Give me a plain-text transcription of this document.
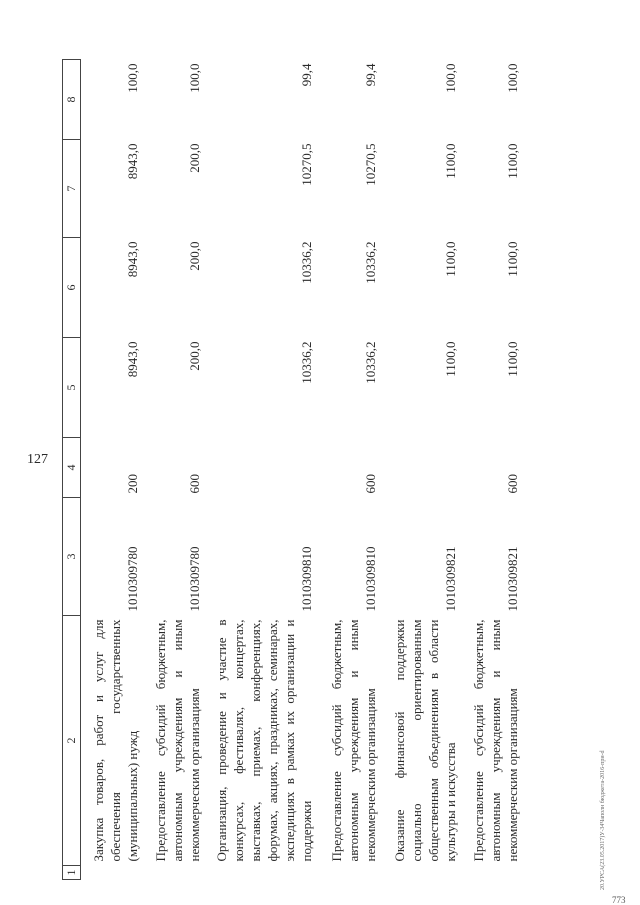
127
1	2	3	4	5	6	7	8
	Закупка товаров, работ и услуг для обеспечения государственных (муниципальных) нужд	1010309780	200	8943,0	8943,0	8943,0	100,0
	Предоставление субсидий бюджетным, автономным учреждениям и иным некоммерческим организациям	1010309780	600	200,0	200,0	200,0	100,0
	Организация, проведение и участие в конкурсах, фестивалях, концертах, выставках, приемах, конференциях, форумах, акциях, праздниках, семинарах, экспедициях в рамках их организации и поддержки	1010309810		10336,2	10336,2	10270,5	99,4
	Предоставление субсидий бюджетным, автономным учреждениям и иным некоммерческим организациям	1010309810	600	10336,2	10336,2	10270,5	99,4
	Оказание финансовой поддержки социально ориентированным общественным объединениям в области культуры и искусства	1010309821		1100,0	1100,0	1100,0	100,0
	Предоставление субсидий бюджетным, автономным учреждениям и иным некоммерческим организациям	1010309821	600	1100,0	1100,0	1100,0	100,0
20.УРСА(23.05.2017)У-34Чаполн бюджета-2016-при-d
773
